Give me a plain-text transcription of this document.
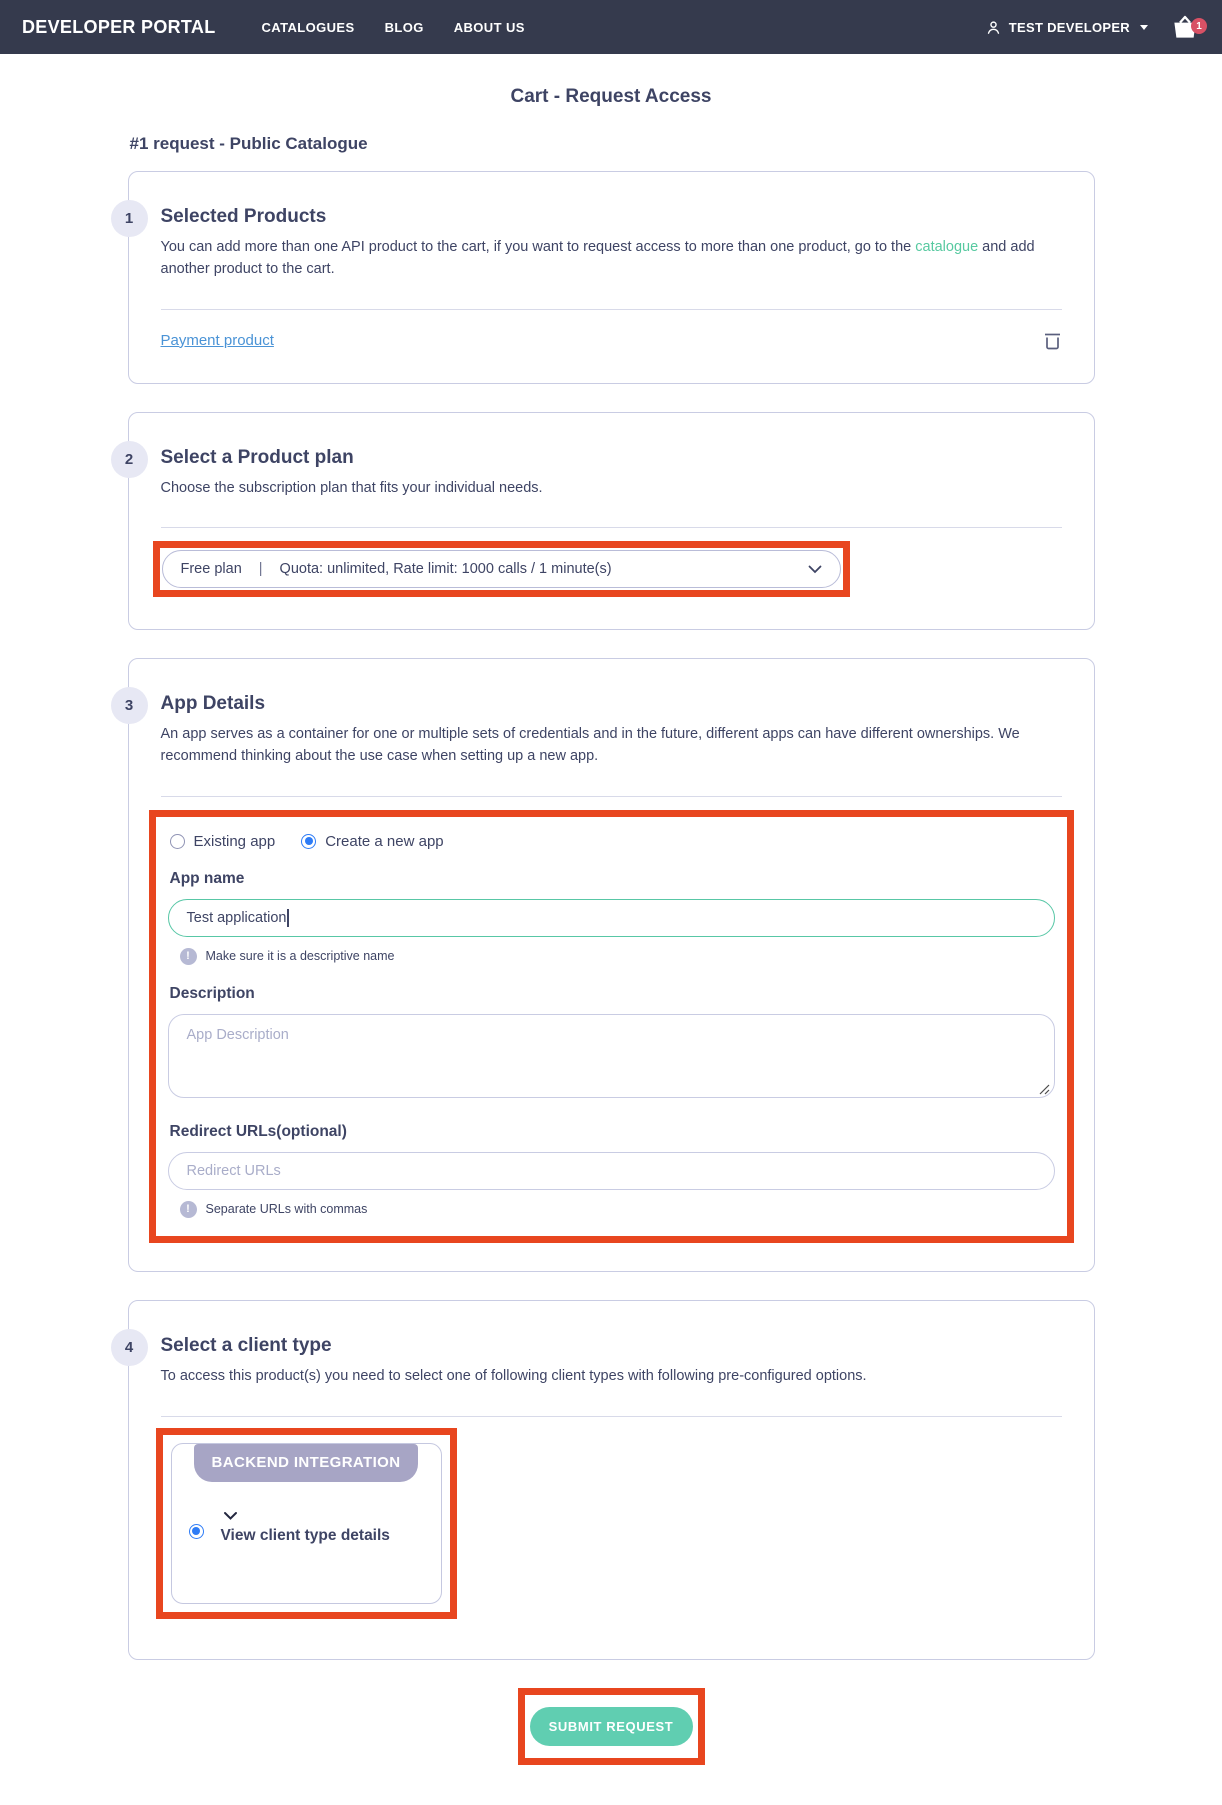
DEVELOPER PORTAL	CATALOGUES BLOG ABOUT US	TEST DEVELOPER	1
Cart - Request Access
#1 request - Public Catalogue
1	Selected Products

You can add more than one API product to the cart, if you want to request access to more than one product, go to the catalogue and add another product to the cart.

Payment product
2	Select a Product plan

Choose the subscription plan that fits your individual needs.

Free plan | Quota: unlimited, Rate limit: 1000 calls / 1 minute(s)
3	App Details

An app serves as a container for one or multiple sets of credentials and in the future, different apps can have different ownerships. We recommend thinking about the use case when setting up a new app.

Existing app	Create a new app
App name
Test application
!	Make sure it is a descriptive name
Description
App Description
Redirect URLs(optional)
Redirect URLs
!	Separate URLs with commas
4	Select a client type

To access this product(s) you need to select one of following client types with following pre-configured options.

BACKEND INTEGRATION
View client type details
SUBMIT REQUEST
